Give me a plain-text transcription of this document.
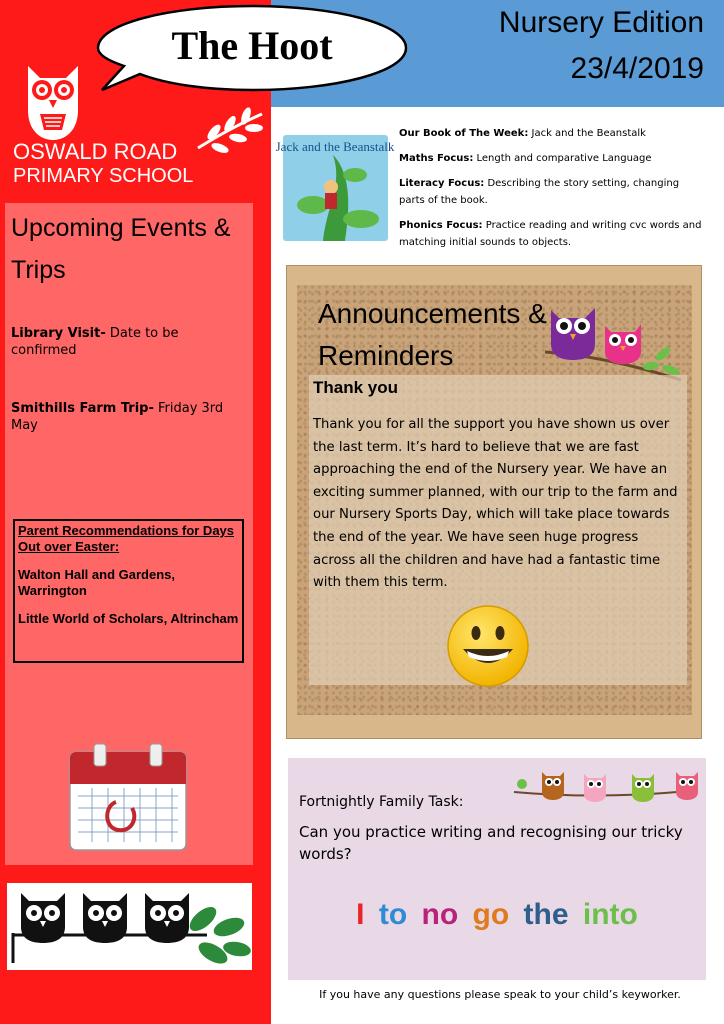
Nursery Edition
23/4/2019
The Hoot
OSWALD ROAD
PRIMARY SCHOOL
Upcoming Events & Trips
Library Visit- Date to be confirmed
Smithills Farm Trip- Friday 3rd May
Parent Recommendations for Days Out over Easter:
Walton Hall and Gardens, Warrington
Little World of Scholars, Altrincham
Jack and the Beanstalk
Our Book of The Week: Jack and the Beanstalk
Maths Focus: Length and comparative Language
Literacy Focus: Describing the story setting, changing parts of the book.
Phonics Focus: Practice reading and writing cvc words and matching initial sounds to objects.
Announcements & Reminders
Thank you
Thank you for all the support you have shown us over the last term. It’s hard to believe that we are fast approaching the end of the Nursery year. We have an exciting summer planned, with our trip to the farm and our Nursery Sports Day, which will take place towards the end of the year. We have seen huge progress across all the children and have had a fantastic time with them this term.
Fortnightly Family Task:
Can you practice writing and recognising our tricky words?
I to no go the into
If you have any questions please speak to your child’s keyworker.
